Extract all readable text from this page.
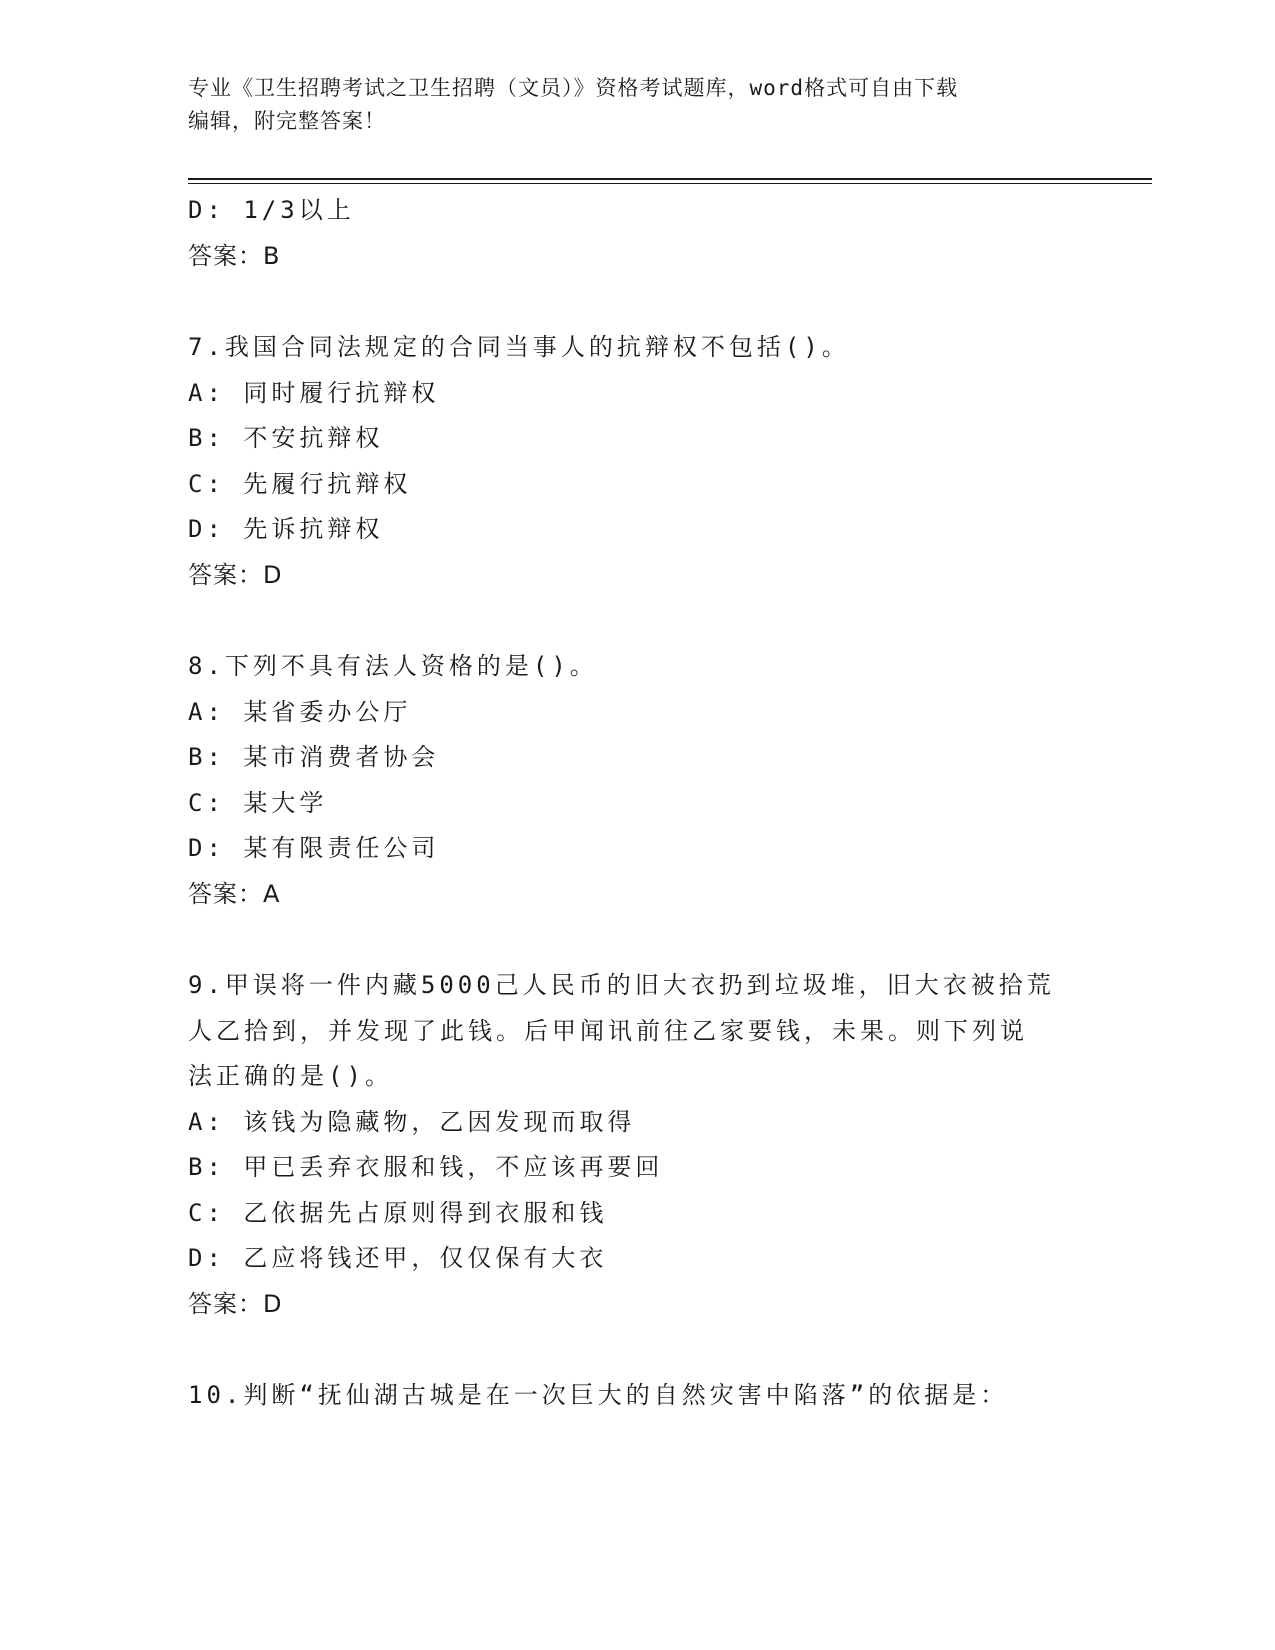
专业《卫生招聘考试之卫生招聘（文员）》资格考试题库，word格式可自由下载
编辑，附完整答案！
D: 1/3以上
答案：B
7.我国合同法规定的合同当事人的抗辩权不包括()。
A: 同时履行抗辩权
B: 不安抗辩权
C: 先履行抗辩权
D: 先诉抗辩权
答案：D
8.下列不具有法人资格的是()。
A: 某省委办公厅
B: 某市消费者协会
C: 某大学
D: 某有限责任公司
答案：A
9.甲误将一件内藏5000己人民币的旧大衣扔到垃圾堆，旧大衣被拾荒
人乙拾到，并发现了此钱。后甲闻讯前往乙家要钱，未果。则下列说
法正确的是()。
A: 该钱为隐藏物，乙因发现而取得
B: 甲已丢弃衣服和钱，不应该再要回
C: 乙依据先占原则得到衣服和钱
D: 乙应将钱还甲，仅仅保有大衣
答案：D
10.判断“抚仙湖古城是在一次巨大的自然灾害中陷落”的依据是：
